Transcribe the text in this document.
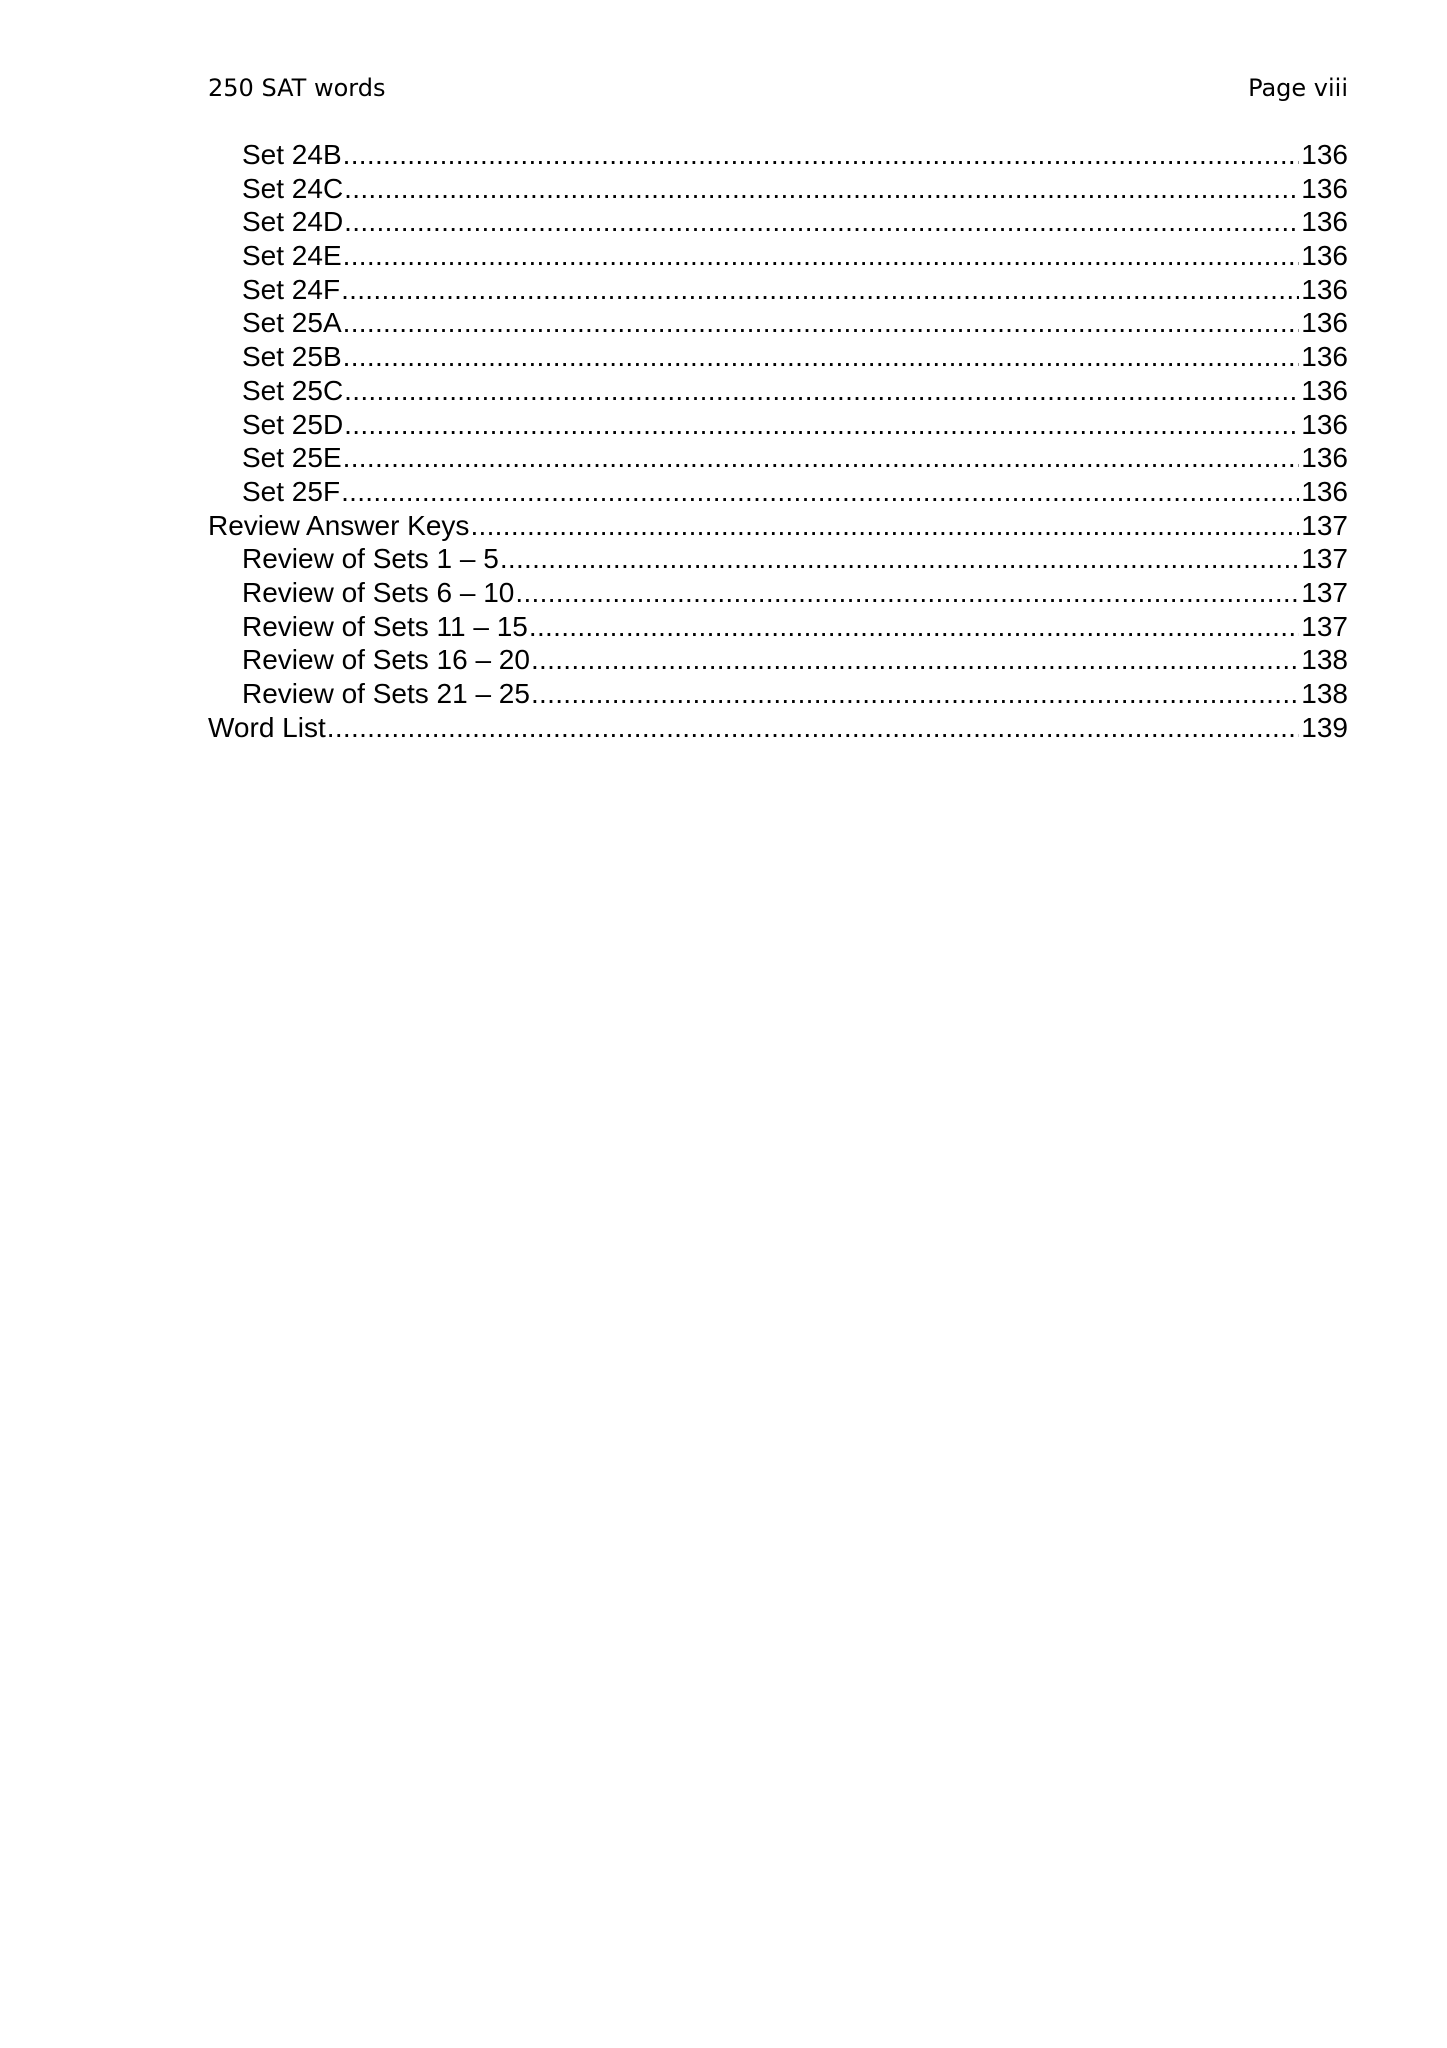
250 SAT words	Page viii
Set 24B .....	136
Set 24C .....	136
Set 24D .....	136
Set 24E .....	136
Set 24F .....	136
Set 25A .....	136
Set 25B .....	136
Set 25C .....	136
Set 25D .....	136
Set 25E .....	136
Set 25F .....	136
Review Answer Keys .....	137
Review of Sets 1 – 5 .....	137
Review of Sets 6 – 10 .....	137
Review of Sets 11 – 15 .....	137
Review of Sets 16 – 20 .....	138
Review of Sets 21 – 25 .....	138
Word List .....	139
